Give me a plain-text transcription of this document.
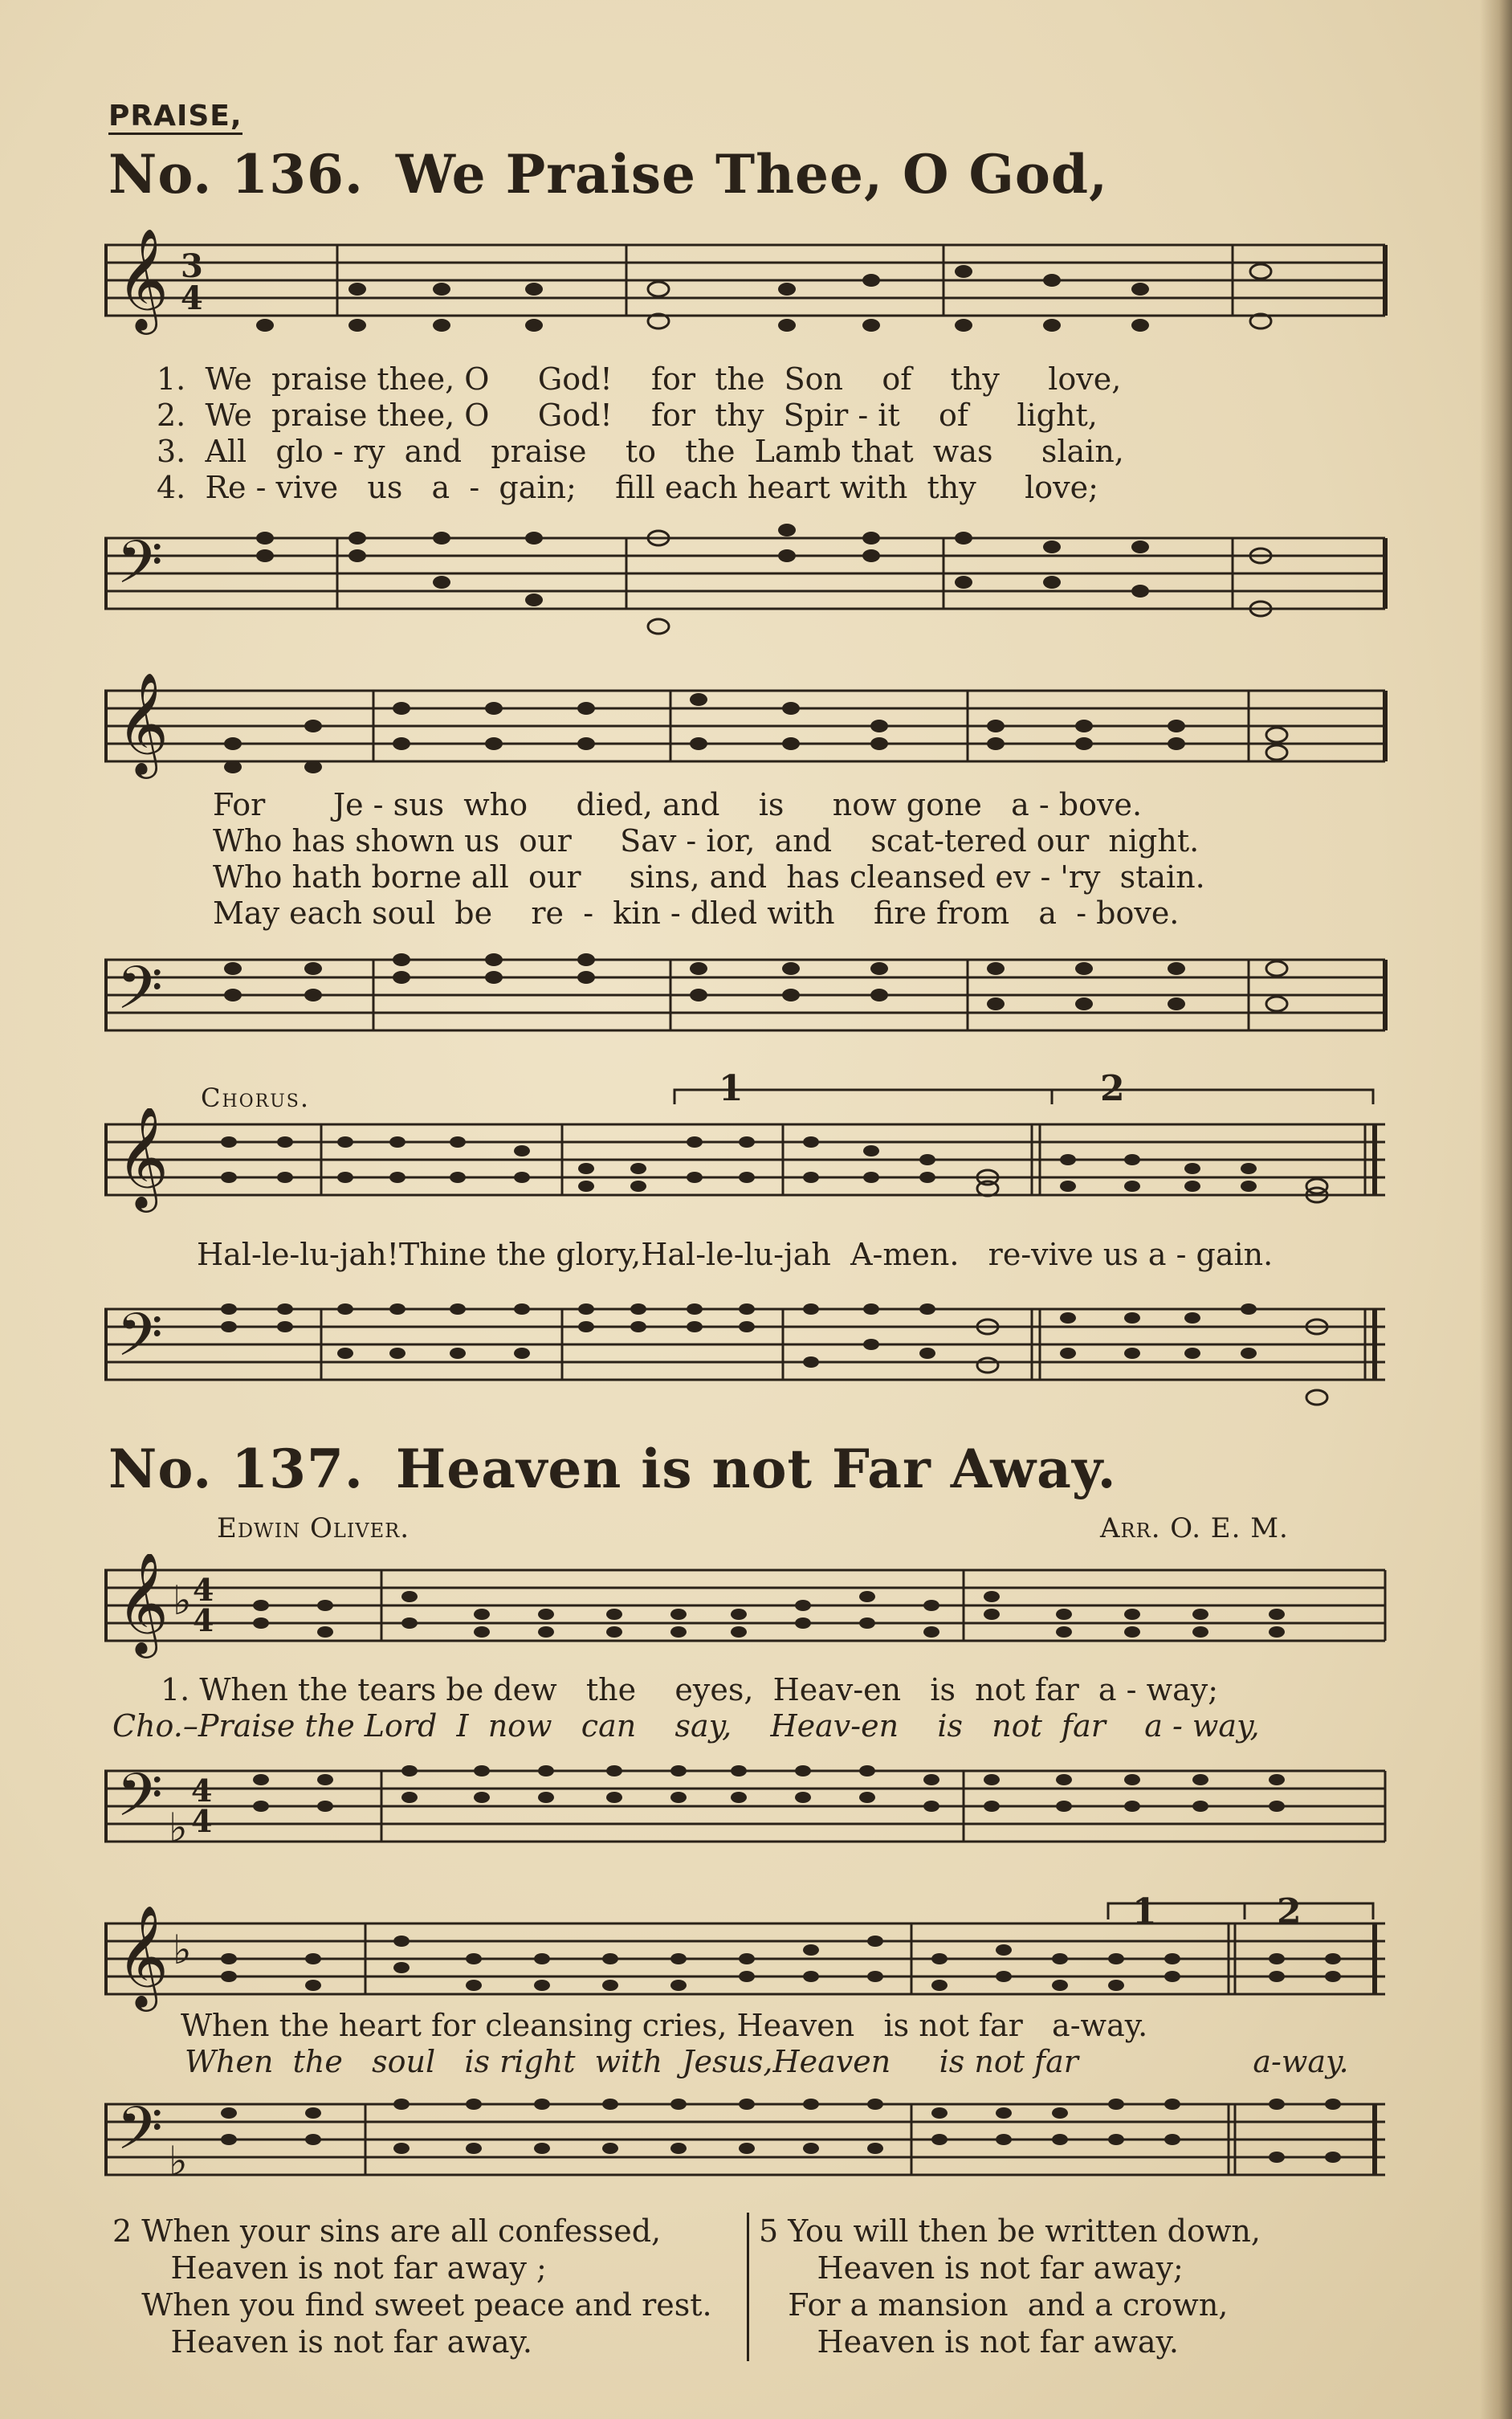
PRAISE,
No. 136. We Praise Thee, O God,
𝄞 3
4
1. We  praise thee, O     God!    for  the  Son    of    thy     love,
2. We  praise thee, O     God!    for  thy  Spir - it    of     light,
3. All   glo - ry  and   praise    to   the  Lamb that  was     slain,
4. Re - vive   us   a  -  gain;    fill each heart with  thy     love;
𝄢
𝄞
For       Je - sus  who     died, and    is     now gone   a - bove.
Who has shown us  our     Sav - ior,  and    scat-tered our  night.
Who hath borne all  our     sins, and  has cleansed ev - 'ry  stain.
May each soul  be    re  -  kin - dled with    fire from   a  - bove.
𝄢
Chorus.	1	2
𝄞
Hal-le-lu-jah!Thine the glory,Hal-le-lu-jah  A-men.   re-vive us a - gain.
𝄢
No. 137. Heaven is not Far Away.
Edwin Oliver.	Arr. O. E. M.
𝄞 ♭ 4
4
1. When the tears be dew   the    eyes,  Heav-en   is  not far  a - way;
Cho.–Praise the Lord  I  now   can    say,    Heav-en    is   not  far    a - way,
𝄢 ♭
4
4
1	2
𝄞 ♭
When the heart for cleansing cries, Heaven   is not far   a-way.
When  the   soul   is right  with  Jesus,Heaven     is not far                  a-way.
𝄢 ♭
2 When your sins are all confessed,
Heaven is not far away ;
When you find sweet peace and rest.
Heaven is not far away.
5 You will then be written down,
Heaven is not far away;
For a mansion  and a crown,
Heaven is not far away.
